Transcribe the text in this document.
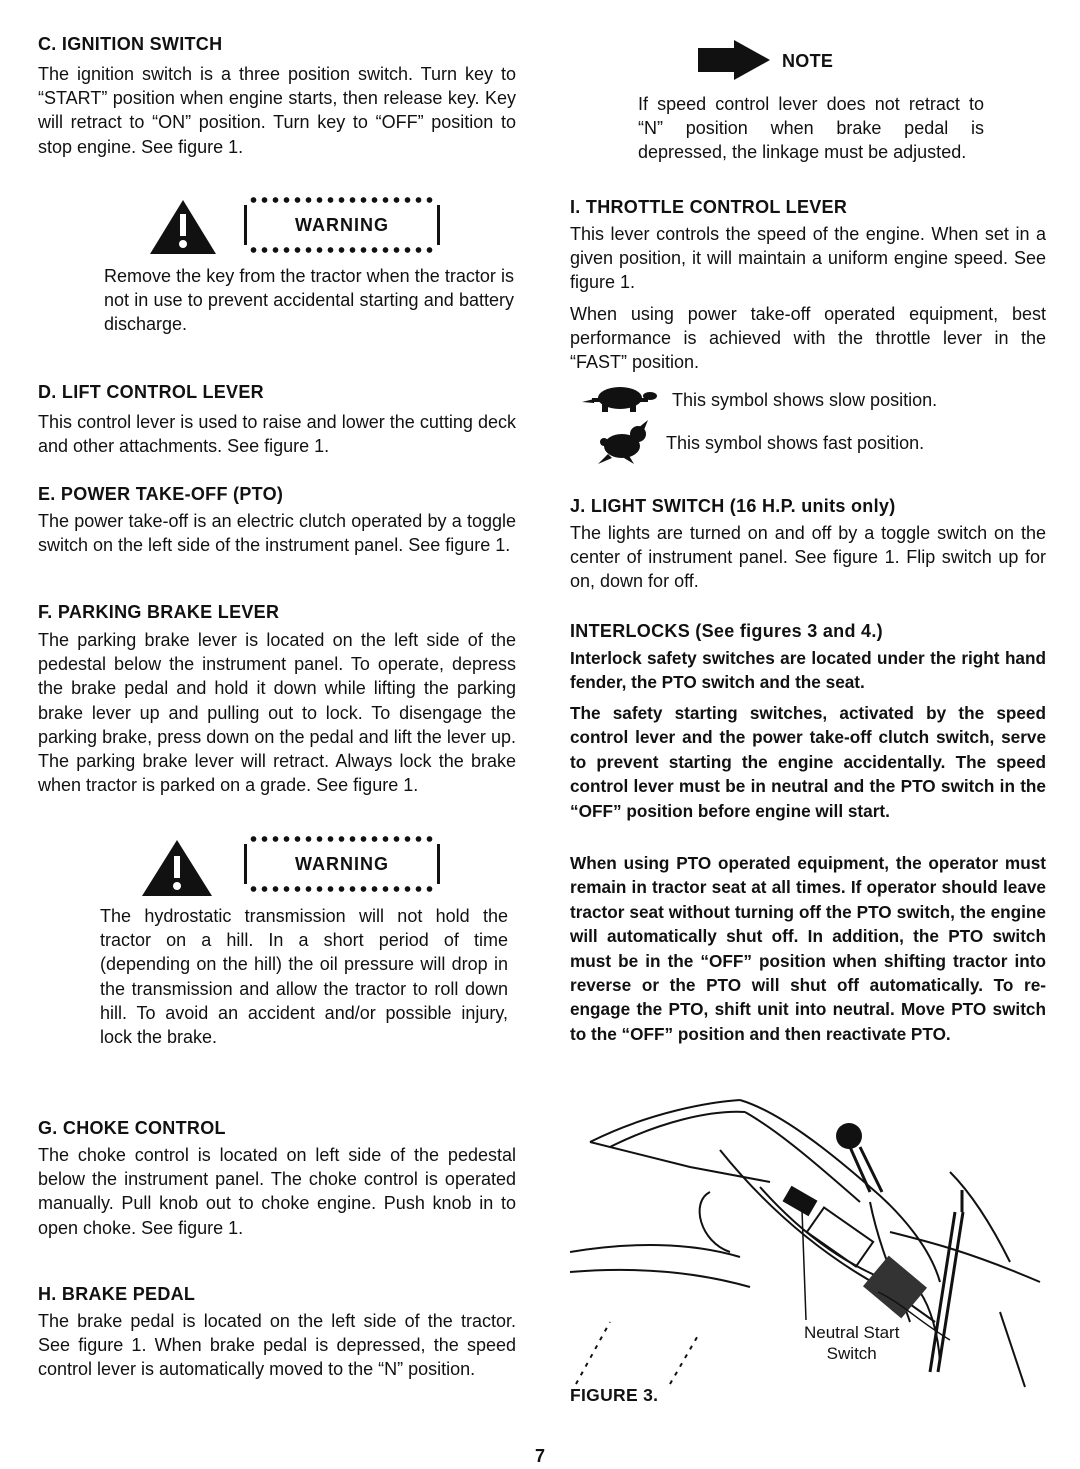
C. IGNITION SWITCH
The ignition switch is a three position switch. Turn key to “START” position when engine starts, then release key. Key will retract to “ON” position. Turn key to “OFF” position to stop engine. See figure 1.
WARNING
Remove the key from the tractor when the tractor is not in use to prevent accidental starting and battery discharge.
D. LIFT CONTROL LEVER
This control lever is used to raise and lower the cutting deck and other attachments. See figure 1.
E. POWER TAKE-OFF (PTO)
The power take-off is an electric clutch operated by a toggle switch on the left side of the instrument panel. See figure 1.
F. PARKING BRAKE LEVER
The parking brake lever is located on the left side of the pedestal below the instrument panel. To operate, depress the brake pedal and hold it down while lifting the parking brake lever up and pulling out to lock. To disengage the parking brake, press down on the pedal and lift the lever up. The parking brake lever will retract. Always lock the brake when tractor is parked on a grade. See figure 1.
WARNING
The hydrostatic transmission will not hold the tractor on a hill. In a short period of time (depending on the hill) the oil pressure will drop in the transmission and allow the tractor to roll down hill. To avoid an accident and/or possible injury, lock the brake.
G. CHOKE CONTROL
The choke control is located on left side of the pedestal below the instrument panel. The choke control is operated manually. Pull knob out to choke engine. Push knob in to open choke. See figure 1.
H. BRAKE PEDAL
The brake pedal is located on the left side of the tractor. See figure 1. When brake pedal is depressed, the speed control lever is automatically moved to the “N” position.
NOTE
If speed control lever does not retract to “N” position when brake pedal is depressed, the linkage must be adjusted.
I. THROTTLE CONTROL LEVER
This lever controls the speed of the engine. When set in a given position, it will maintain a uniform engine speed. See figure 1.
When using power take-off operated equipment, best performance is achieved with the throttle lever in the “FAST” position.
This symbol shows slow position.
This symbol shows fast position.
J. LIGHT SWITCH (16 H.P. units only)
The lights are turned on and off by a toggle switch on the center of instrument panel. See figure 1. Flip switch up for on, down for off.
INTERLOCKS (See figures 3 and 4.)
Interlock safety switches are located under the right hand fender, the PTO switch and the seat.
The safety starting switches, activated by the speed control lever and the power take-off clutch switch, serve to prevent starting the engine accidentally. The speed control lever must be in neutral and the PTO switch in the “OFF” position before engine will start.
When using PTO operated equipment, the operator must remain in tractor seat at all times. If operator should leave tractor seat without turning off the PTO switch, the engine will automatically shut off. In addition, the PTO switch must be in the “OFF” position when shifting tractor into reverse or the PTO will shut off automatically. To re-engage the PTO, shift unit into neutral. Move PTO switch to the “OFF” position and then reactivate PTO.
Neutral Start
Switch
FIGURE 3.
7
